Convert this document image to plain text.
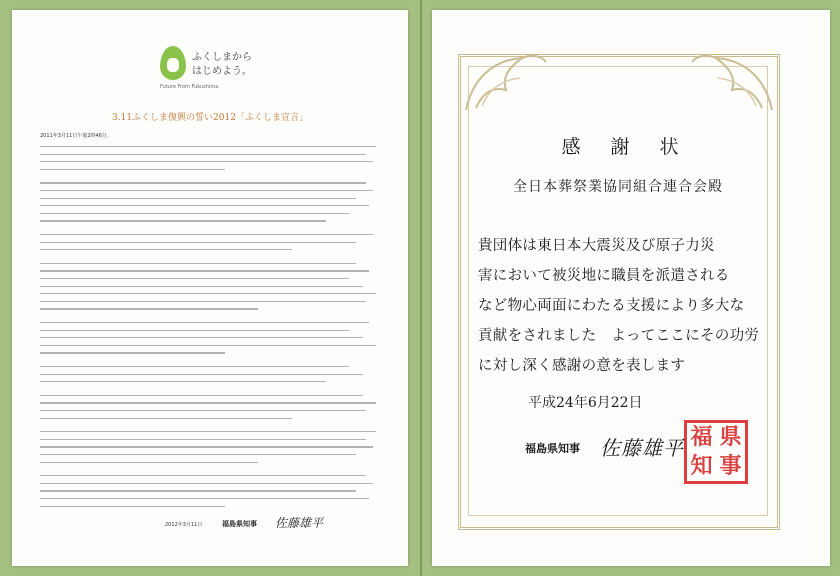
ふくしまから
はじめよう。
Future From Fukushima.
3.11ふくしま復興の誓い2012「ふくしま宣言」
2011年3月11日午後2時46分。
2012年3月11日	福島県知事 佐藤雄平
感謝状
全日本葬祭業協同組合連合会殿
貴団体は東日本大震災及び原子力災
害において被災地に職員を派遣される
など物心両面にわたる支援により多大な
貢献をされました　よってここにその功労
に対し深く感謝の意を表します
平成24年6月22日
福島県知事 佐藤雄平 福 県
知 事
